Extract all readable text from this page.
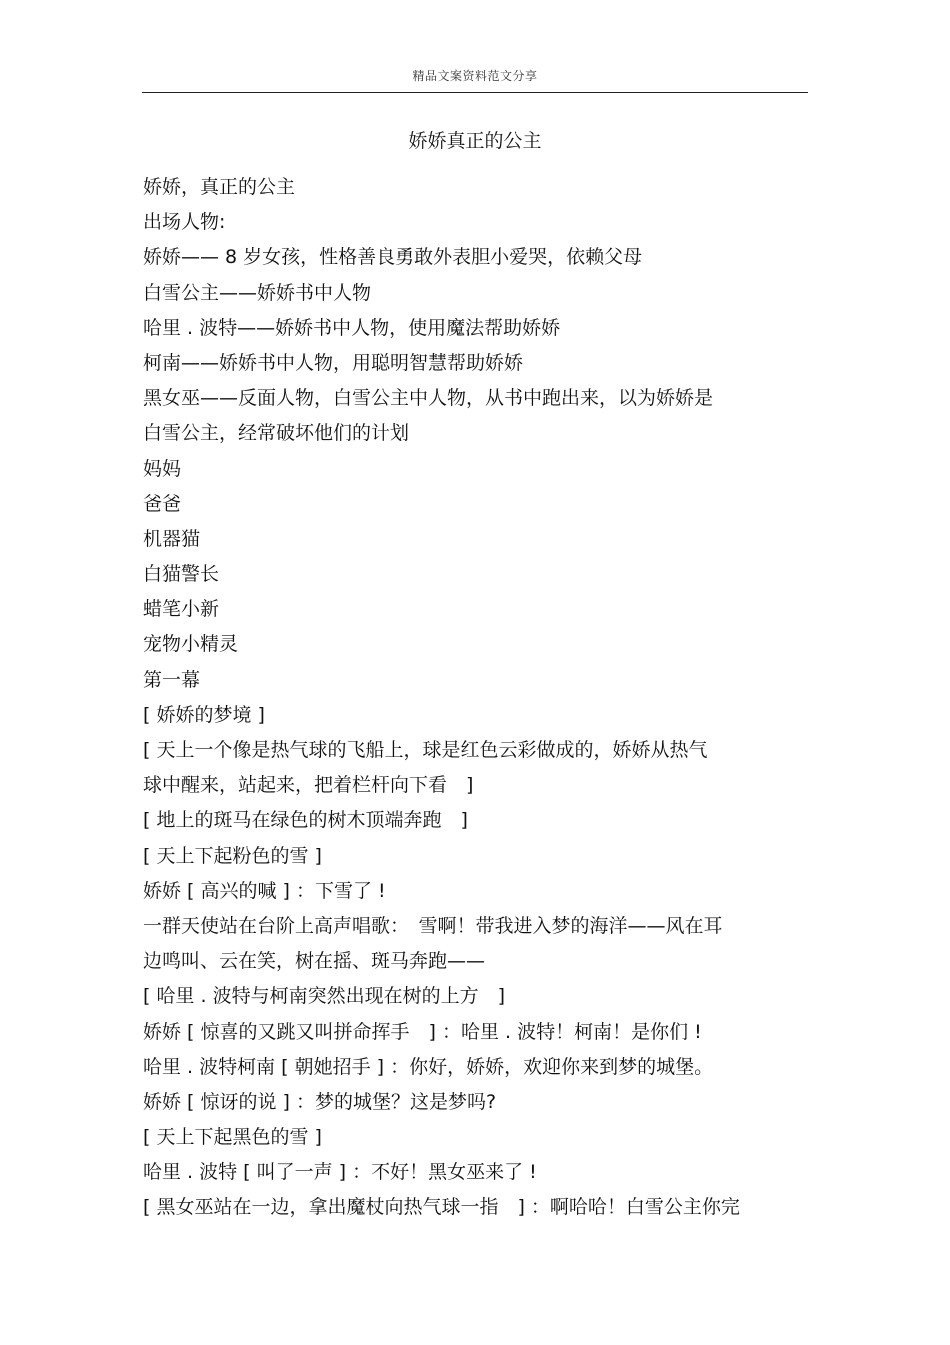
精品文案资料范文分享
娇娇真正的公主
娇娇，真正的公主
出场人物:
娇娇—— 8 岁女孩，性格善良勇敢外表胆小爱哭，依赖父母
白雪公主——娇娇书中人物
哈里 . 波特——娇娇书中人物，使用魔法帮助娇娇
柯南——娇娇书中人物，用聪明智慧帮助娇娇
黑女巫——反面人物，白雪公主中人物，从书中跑出来，以为娇娇是
白雪公主，经常破坏他们的计划
妈妈
爸爸
机器猫
白猫警长
蜡笔小新
宠物小精灵
第一幕
[ 娇娇的梦境 ]
[ 天上一个像是热气球的飞船上，球是红色云彩做成的，娇娇从热气
球中醒来，站起来，把着栏杆向下看　]
[ 地上的斑马在绿色的树木顶端奔跑　]
[ 天上下起粉色的雪 ]
娇娇 [ 高兴的喊 ] ：下雪了 !
一群天使站在台阶上高声唱歌：　雪啊！带我进入梦的海洋——风在耳
边鸣叫、云在笑，树在摇、斑马奔跑——
[ 哈里 . 波特与柯南突然出现在树的上方　]
娇娇 [ 惊喜的又跳又叫拼命挥手　] ：哈里 . 波特！柯南！是你们 !
哈里 . 波特柯南 [ 朝她招手 ] ：你好，娇娇，欢迎你来到梦的城堡。
娇娇 [ 惊讶的说 ] ：梦的城堡？这是梦吗?
[ 天上下起黑色的雪 ]
哈里 . 波特 [ 叫了一声 ] ：不好！黑女巫来了 !
[ 黑女巫站在一边，拿出魔杖向热气球一指　] ：啊哈哈！白雪公主你完
